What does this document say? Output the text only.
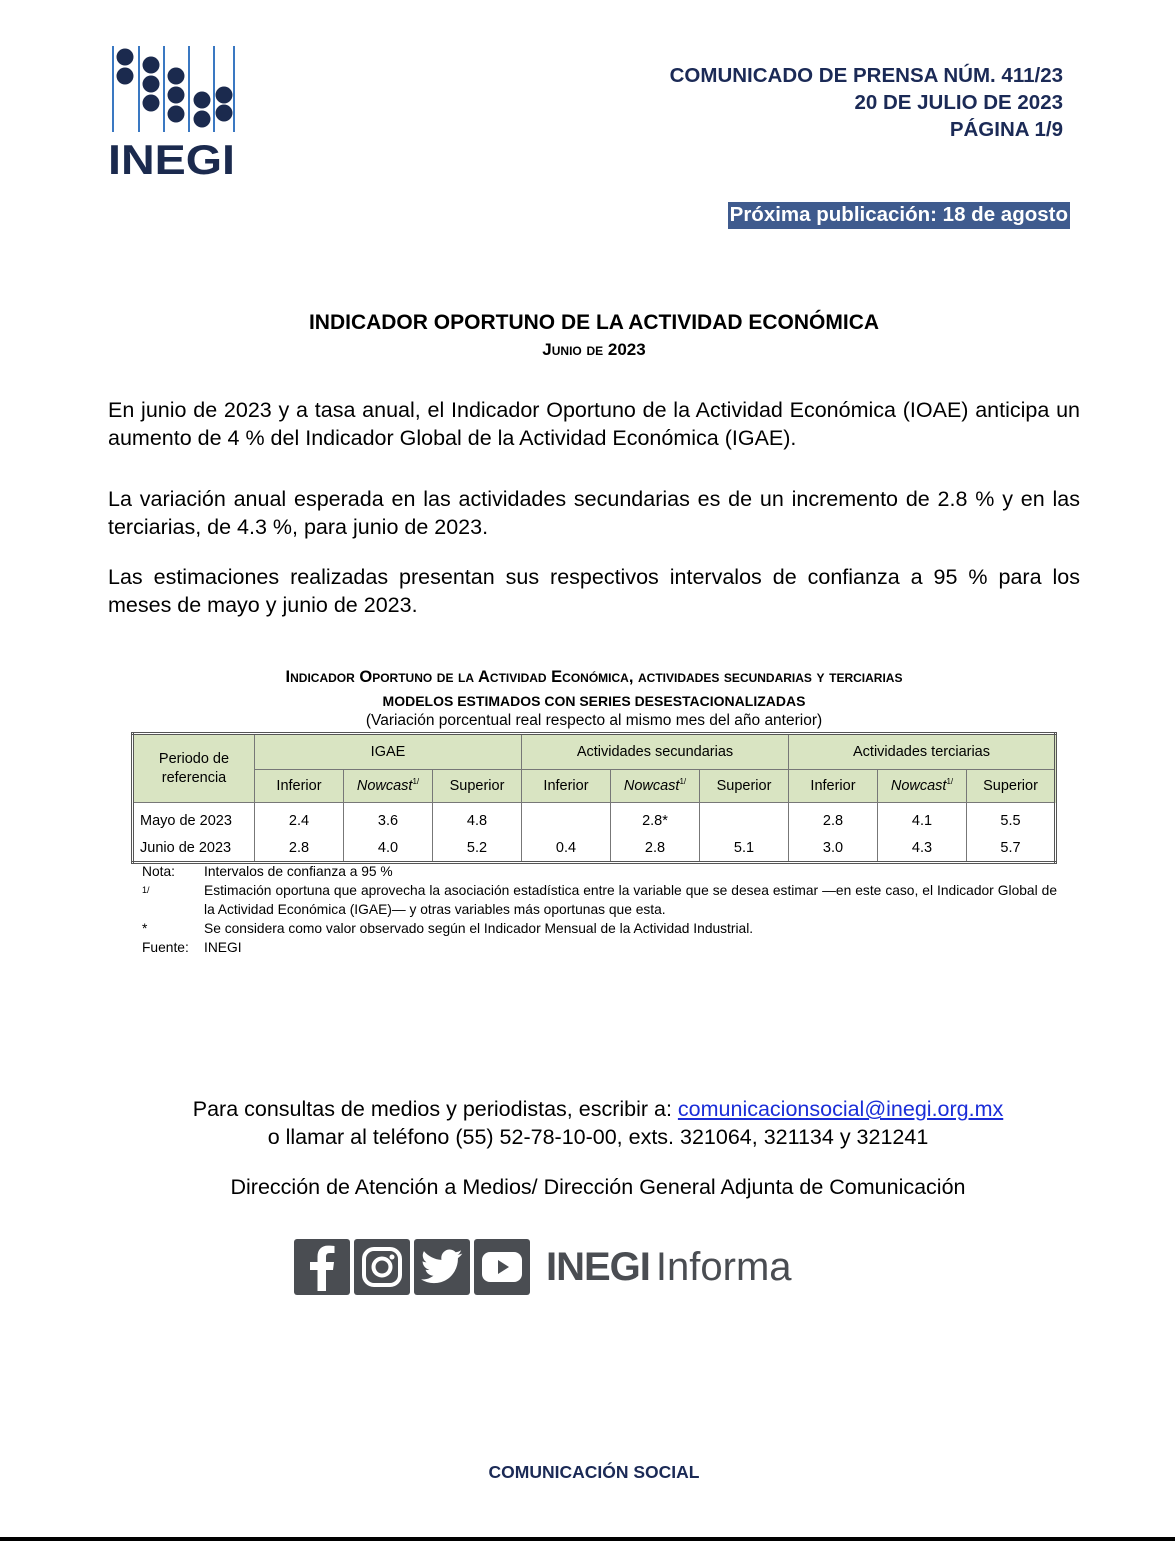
INEGI
COMUNICADO DE PRENSA NÚM. 411/23
20 DE JULIO DE 2023
PÁGINA 1/9
Próxima publicación: 18 de agosto
INDICADOR OPORTUNO DE LA ACTIVIDAD ECONÓMICA
Junio de 2023
En junio de 2023 y a tasa anual, el Indicador Oportuno de la Actividad Económica (IOAE) anticipa un aumento de 4 % del Indicador Global de la Actividad Económica (IGAE).
La variación anual esperada en las actividades secundarias es de un incremento de 2.8 % y en las terciarias, de 4.3 %, para junio de 2023.
Las estimaciones realizadas presentan sus respectivos intervalos de confianza a 95 % para los meses de mayo y junio de 2023.
Indicador Oportuno de la Actividad Económica, actividades secundarias y terciarias
MODELOS ESTIMADOS CON SERIES DESESTACIONALIZADAS
(Variación porcentual real respecto al mismo mes del año anterior)
Periodo de referencia	IGAE			Actividades secundarias			Actividades terciarias		
	Inferior	Nowcast$^{1/}$	Superior	Inferior	Nowcast$^{1/}$	Superior	Inferior	Nowcast$^{1/}$	Superior
Mayo de 2023	2.4	3.6	4.8		2.8*		2.8	4.1	5.5
Junio de 2023	2.8	4.0	5.2	0.4	2.8	5.1	3.0	4.3	5.7
Nota:	Intervalos de confianza a 95 %
1/	Estimación oportuna que aprovecha la asociación estadística entre la variable que se desea estimar —en este caso, el Indicador Global de la Actividad Económica (IGAE)— y otras variables más oportunas que esta.
*	Se considera como valor observado según el Indicador Mensual de la Actividad Industrial.
Fuente:	INEGI
Para consultas de medios y periodistas, escribir a: comunicacionsocial@inegi.org.mx
o llamar al teléfono (55) 52-78-10-00, exts. 321064, 321134 y 321241
Dirección de Atención a Medios/ Dirección General Adjunta de Comunicación
INEGI Informa
COMUNICACIÓN SOCIAL
